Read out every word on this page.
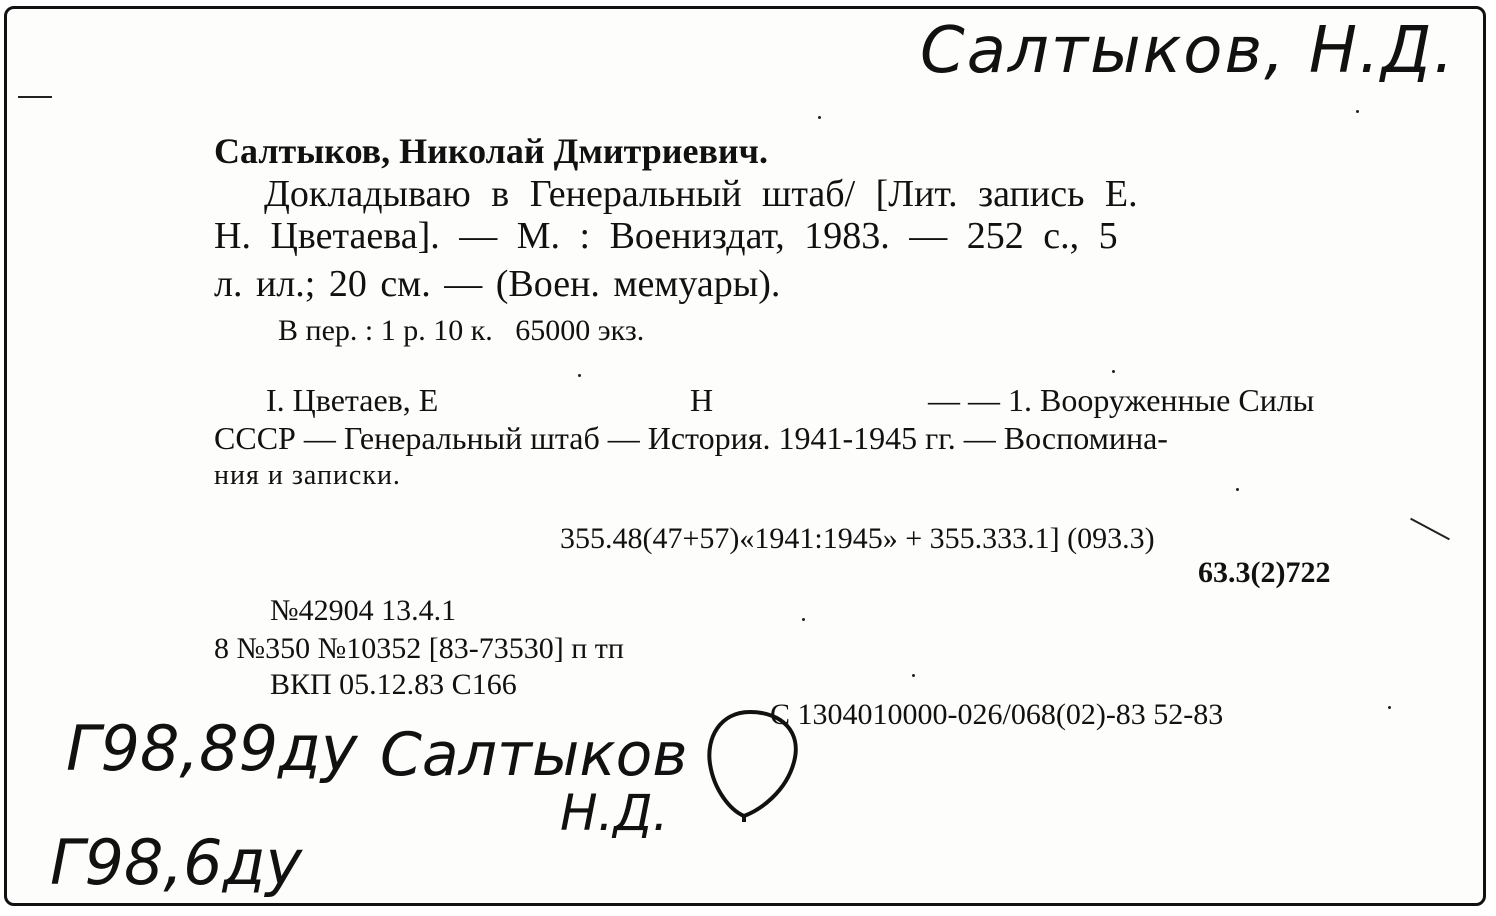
Салтыков, Н.Д.
Салтыков, Николай Дмитриевич.
Докладываю в Генеральный штаб/ [Лит. запись Е.
Н. Цветаева]. — М. : Воениздат, 1983. — 252 с., 5
л. ил.; 20 см. — (Воен. мемуары).
В пер. : 1 р. 10 к.   65000 экз.
I. Цветаев, Е	Н	— — 1. Вооруженные Силы
СССР — Генеральный штаб — История. 1941-1945 гг. — Воспомина-
ния и записки.
355.48(47+57)«1941:1945» + 355.333.1] (093.3)
63.3(2)722
№42904 13.4.1
8 №350 №10352 [83-73530] п тп
ВКП 05.12.83 С166
С 1304010000-026/068(02)-83 52-83
Г98,89ду Салтыков
Н.Д.
Г98,6ду
